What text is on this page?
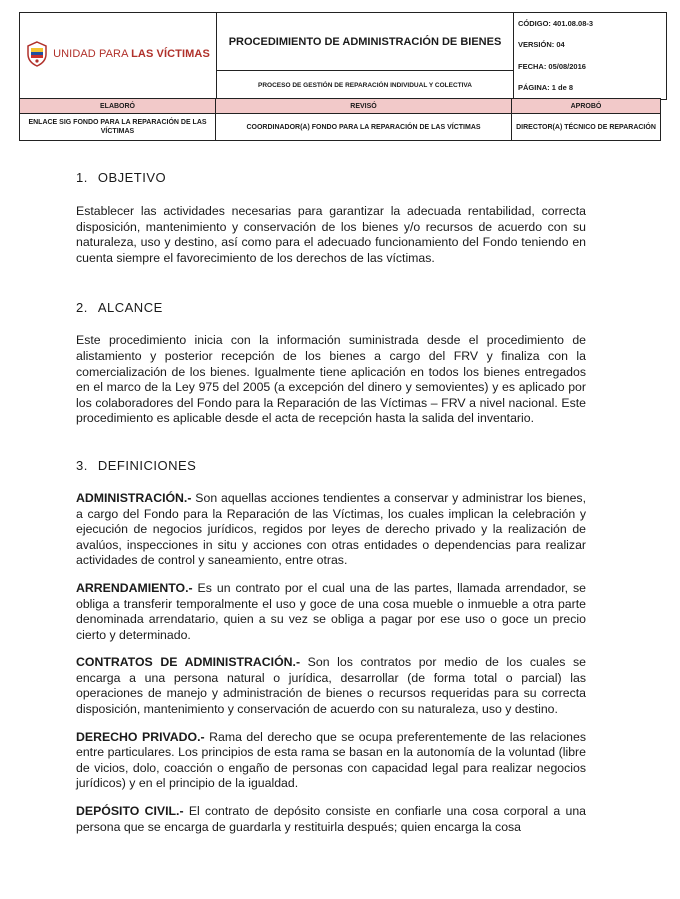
UNIDAD PARA LAS VÍCTIMAS

PROCEDIMIENTO DE ADMINISTRACIÓN DE BIENES
PROCESO DE GESTIÓN DE REPARACIÓN INDIVIDUAL Y COLECTIVA

CÓDIGO: 401.08.08-3
VERSIÓN: 04
FECHA: 05/08/2016
PÁGINA: 1 de 8

ELABORÓ	REVISÓ	APROBÓ
ENLACE SIG FONDO PARA LA REPARACIÓN DE LAS VÍCTIMAS	COORDINADOR(A) FONDO PARA LA REPARACIÓN DE LAS VÍCTIMAS	DIRECTOR(A) TÉCNICO DE REPARACIÓN
1. OBJETIVO

Establecer las actividades necesarias para garantizar la adecuada rentabilidad, correcta disposición, mantenimiento y conservación de los bienes y/o recursos de acuerdo con su naturaleza, uso y destino, así como para el adecuado funcionamiento del Fondo teniendo en cuenta siempre el favorecimiento de los derechos de las víctimas.

2. ALCANCE

Este procedimiento inicia con la información suministrada desde el procedimiento de alistamiento y posterior recepción de los bienes a cargo del FRV y finaliza con la comercialización de los bienes. Igualmente tiene aplicación en todos los bienes entregados en el marco de la Ley 975 del 2005 (a excepción del dinero y semovientes) y es aplicado por los colaboradores del Fondo para la Reparación de las Víctimas – FRV a nivel nacional. Este procedimiento es aplicable desde el acta de recepción hasta la salida del inventario.

3. DEFINICIONES

ADMINISTRACIÓN.- Son aquellas acciones tendientes a conservar y administrar los bienes, a cargo del Fondo para la Reparación de las Víctimas, los cuales implican la celebración y ejecución de negocios jurídicos, regidos por leyes de derecho privado y la realización de avalúos, inspecciones in situ y acciones con otras entidades o dependencias para realizar actividades de control y saneamiento, entre otras.

ARRENDAMIENTO.- Es un contrato por el cual una de las partes, llamada arrendador, se obliga a transferir temporalmente el uso y goce de una cosa mueble o inmueble a otra parte denominada arrendatario, quien a su vez se obliga a pagar por ese uso o goce un precio cierto y determinado.

CONTRATOS DE ADMINISTRACIÓN.- Son los contratos por medio de los cuales se encarga a una persona natural o jurídica, desarrollar (de forma total o parcial) las operaciones de manejo y administración de bienes o recursos requeridas para su correcta disposición, mantenimiento y conservación de acuerdo con su naturaleza, uso y destino.

DERECHO PRIVADO.- Rama del derecho que se ocupa preferentemente de las relaciones entre particulares. Los principios de esta rama se basan en la autonomía de la voluntad (libre de vicios, dolo, coacción o engaño de personas con capacidad legal para realizar negocios jurídicos) y en el principio de la igualdad.

DEPÓSITO CIVIL.- El contrato de depósito consiste en confiarle una cosa corporal a una persona que se encarga de guardarla y restituirla después; quien encarga la cosa
